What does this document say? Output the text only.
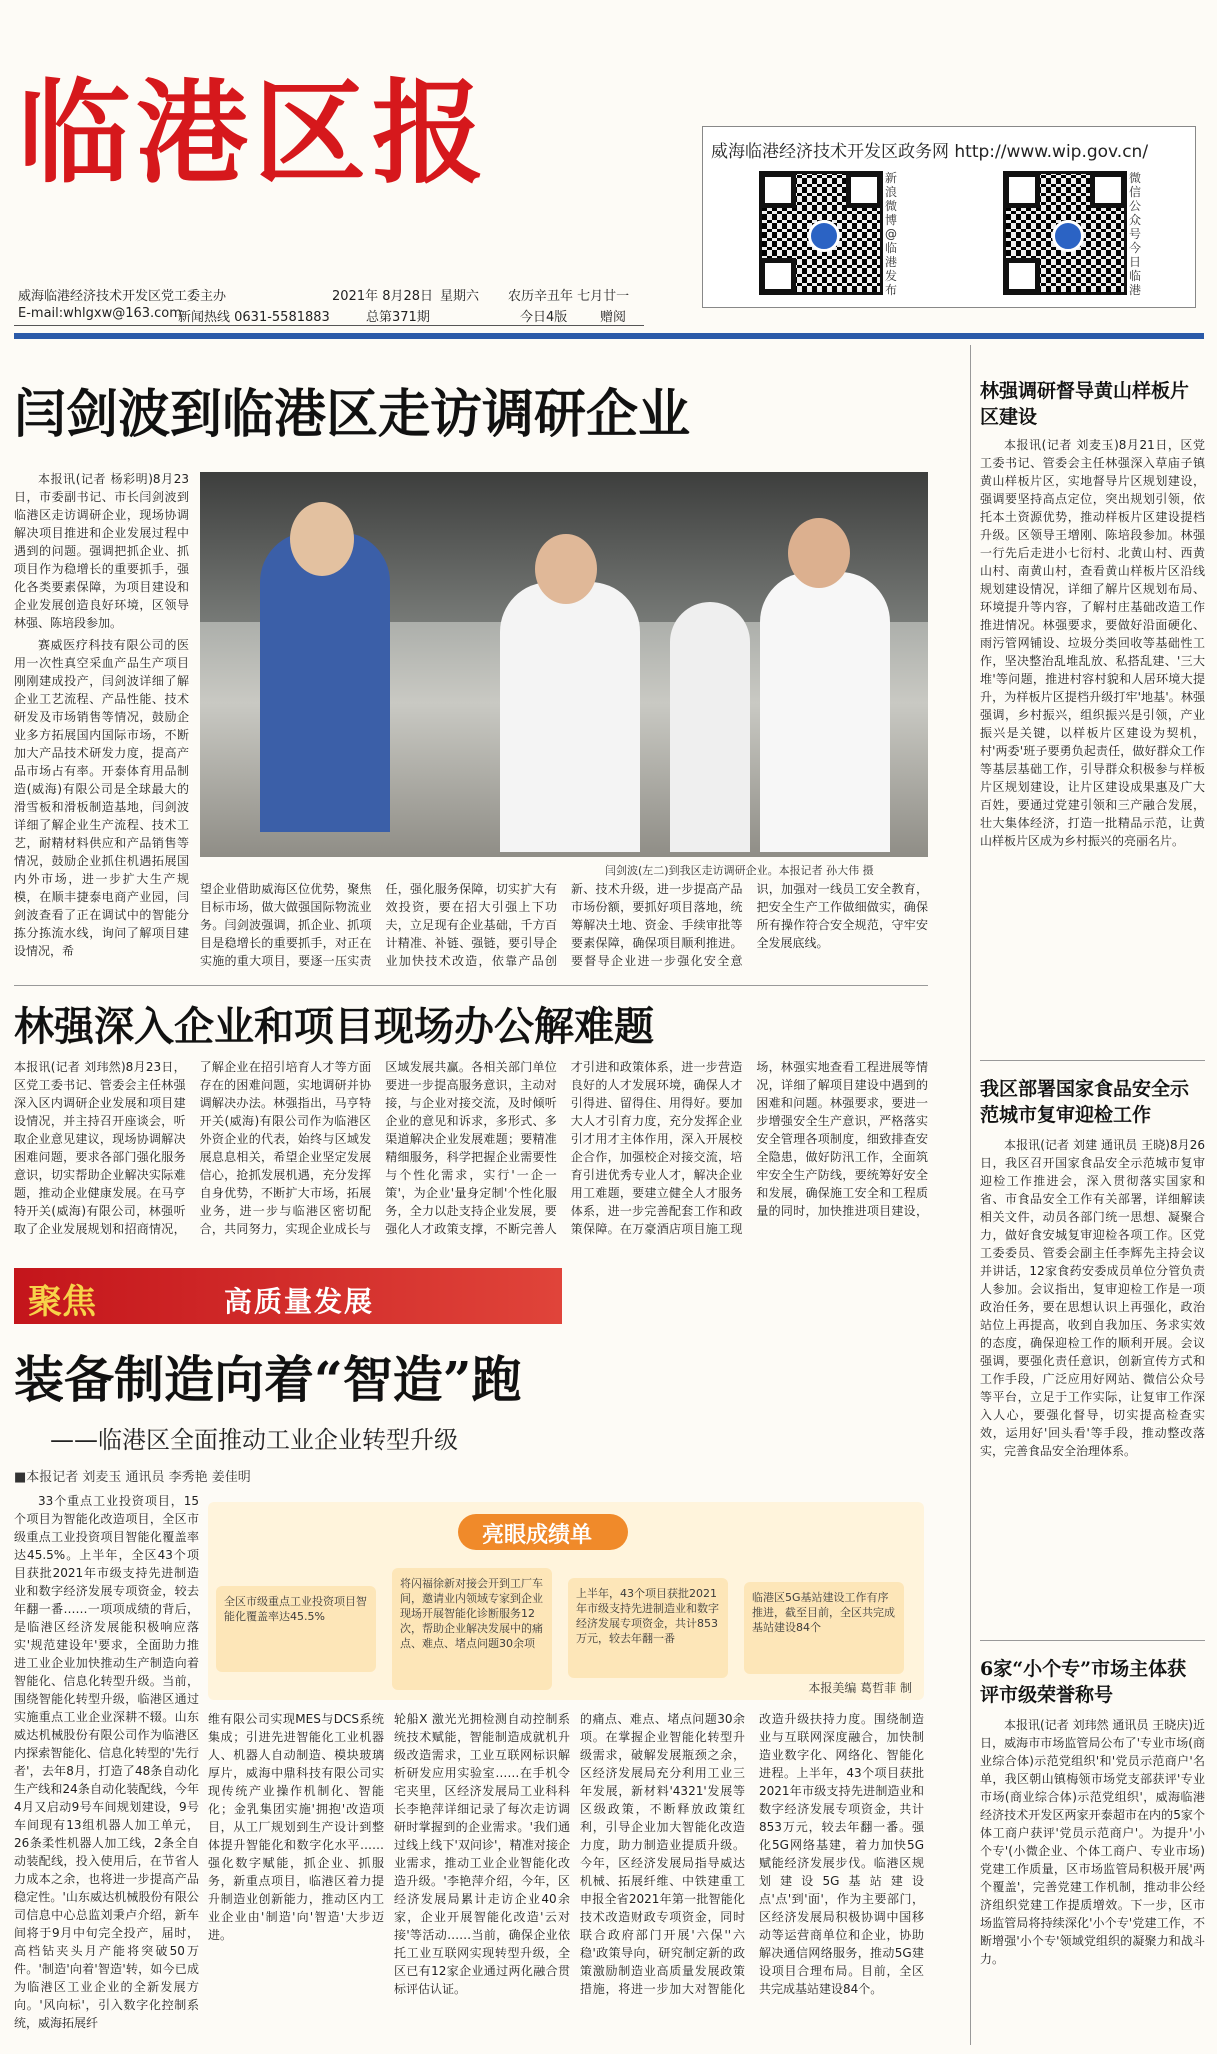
临港区报	威海临港经济技术开发区政务网 http://www.wip.gov.cn/
新浪微博@临港发布
微信公众号今日临港
威海临港经济技术开发区党工委主办
E-mail:whlgxw@163.com
新闻热线 0631-5581883
2021年 8月28日 星期六 农历辛丑年 七月廿一
总第371期	今日4版	赠阅
闫剑波到临港区走访调研企业

本报讯(记者 杨彩明)8月23日，市委副书记、市长闫剑波到临港区走访调研企业，现场协调解决项目推进和企业发展过程中遇到的问题。强调把抓企业、抓项目作为稳增长的重要抓手，强化各类要素保障，为项目建设和企业发展创造良好环境，区领导林强、陈培段参加。

赛威医疗科技有限公司的医用一次性真空采血产品生产项目刚刚建成投产，闫剑波详细了解企业工艺流程、产品性能、技术研发及市场销售等情况，鼓励企业多方拓展国内国际市场，不断加大产品技术研发力度，提高产品市场占有率。开泰体育用品制造(威海)有限公司是全球最大的滑雪板和滑板制造基地，闫剑波详细了解企业生产流程、技术工艺，耐精材料供应和产品销售等情况，鼓励企业抓住机遇拓展国内外市场，进一步扩大生产规模，在顺丰捷泰电商产业园，闫剑波查看了正在调试中的智能分拣分拣流水线，询问了解项目建设情况，希

闫剑波(左二)到我区走访调研企业。本报记者 孙大伟 摄
望企业借助威海区位优势，聚焦目标市场，做大做强国际物流业务。闫剑波强调，抓企业、抓项目是稳增长的重要抓手，对正在实施的重大项目，要逐一压实责任，强化服务保障，切实扩大有效投资，要在招大引强上下功夫，立足现有企业基础，千方百计精准、补链、强链，要引导企业加快技术改造，依靠产品创新、技术升级，进一步提高产品市场份额，要抓好项目落地，统筹解决土地、资金、手续审批等要素保障，确保项目顺利推进。要督导企业进一步强化安全意识，加强对一线员工安全教育，把安全生产工作做细做实，确保所有操作符合安全规范，守牢安全发展底线。
林强深入企业和项目现场办公解难题
本报讯(记者 刘玮然)8月23日，区党工委书记、管委会主任林强深入区内调研企业发展和项目建设情况，并主持召开座谈会，听取企业意见建议，现场协调解决困难问题，要求各部门强化服务意识，切实帮助企业解决实际难题，推动企业健康发展。在马亨特开关(威海)有限公司，林强听取了企业发展规划和招商情况，了解企业在招引培育人才等方面存在的困难问题，实地调研并协调解决办法。林强指出，马亨特开关(威海)有限公司作为临港区外资企业的代表，始终与区域发展息息相关，希望企业坚定发展信心，抢抓发展机遇，充分发挥自身优势，不断扩大市场，拓展业务，进一步与临港区密切配合，共同努力，实现企业成长与区域发展共赢。各相关部门单位要进一步提高服务意识，主动对接，与企业对接交流，及时倾听企业的意见和诉求，多形式、多渠道解决企业发展难题；要精准精细服务，科学把握企业需要性与个性化需求，实行'一企一策'，为企业'量身定制'个性化服务，全力以赴支持企业发展，要强化人才政策支撑，不断完善人才引进和政策体系，进一步营造良好的人才发展环境，确保人才引得进、留得住、用得好。要加大人才引育力度，充分发挥企业引才用才主体作用，深入开展校企合作，加强校企对接交流，培育引进优秀专业人才，解决企业用工难题，要建立健全人才服务体系，进一步完善配套工作和政策保障。在万豪酒店项目施工现场，林强实地查看工程进展等情况，详细了解项目建设中遇到的困难和问题。林强要求，要进一步增强安全生产意识，严格落实安全管理各项制度，细致排查安全隐患，做好防汛工作，全面筑牢安全生产防线，要统筹好安全和发展，确保施工安全和工程质量的同时，加快推进项目建设，
聚焦	高质量发展
装备制造向着“智造”跑
——临港区全面推动工业企业转型升级
■本报记者 刘麦玉 通讯员 李秀艳 姜佳明
33个重点工业投资项目，15个项目为智能化改造项目，全区市级重点工业投资项目智能化覆盖率达45.5%。上半年，全区43个项目获批2021年市级支持先进制造业和数字经济发展专项资金，较去年翻一番……一项项成绩的背后，是临港区经济发展能积极响应落实'规范建设年'要求，全面助力推进工业企业加快推动生产制造向着智能化、信息化转型升级。当前，围绕智能化转型升级，临港区通过实施重点工业企业深耕不辍。山东威达机械股份有限公司作为临港区内探索智能化、信息化转型的'先行者'，去年8月，打造了48条自动化生产线和24条自动化装配线，今年4月又启动9号车间规划建设，9号车间现有13组机器人加工单元，26条柔性机器人加工线，2条全自动装配线，投入使用后，在节省人力成本之余，也将进一步提高产品稳定性。'山东威达机械股份有限公司信息中心总监刘秉卢介绍，新车间将于9月中旬完全投产，届时，高档钻夹头月产能将突破50万件。'制造'向着'智造'转，如今已成为临港区工业企业的全新发展方向。'风向标'，引入数字化控制系统，威海拓展纤
亮眼成绩单
全区市级重点工业投资项目智能化覆盖率达45.5%
将闪福徐新对接会开到工厂车间，邀请业内领域专家到企业现场开展智能化诊断服务12次，帮助企业解决发展中的痛点、难点、堵点问题30余项
上半年，43个项目获批2021年市级支持先进制造业和数字经济发展专项资金，共计853万元，较去年翻一番
临港区5G基站建设工作有序推进，截至目前，全区共完成基站建设84个
本报美编 葛哲菲 制
维有限公司实现MES与DCS系统集成；引进先进智能化工业机器人、机器人自动制造、模块玻璃厚片，威海中鼎科技有限公司实现传统产业操作机制化、智能化；金乳集团实施'拥抱'改造项目，从工厂规划到生产设计到整体提升智能化和数字化水平……强化数字赋能，抓企业、抓服务，新重点项目，临港区着力提升制造业创新能力，推动区内工业企业由'制造'向'智造'大步迈进。
轮船X 激光光拥检测自动控制系统技术赋能，智能制造成就机升级改造需求，工业互联网标识解析研发应用实验室……在手机令宅夹里，区经济发展局工业科科长李艳萍详细记录了每次走访调研时掌握到的企业需求。'我们通过线上线下'双问诊'，精准对接企业需求，推动工业企业智能化改造升级。'李艳萍介绍，今年，区经济发展局累计走访企业40余家，企业开展智能化改造'云对接'等活动……当前，确保企业依托工业互联网实现转型升级，全区已有12家企业通过两化融合贯标评估认证。
的痛点、难点、堵点问题30余项。在掌握企业智能化转型升级需求，破解发展瓶颈之余，区经济发展局充分利用工业三年发展，新材料'4321'发展等区级政策，不断释放政策红利，引导企业加大智能化改造力度，助力制造业提质升级。今年，区经济发展局指导威达机械、拓展纤维、中铁建重工申报全省2021年第一批智能化技术改造财政专项资金，同时联合政府部门开展'六保''六稳'政策导向，研究制定新的政策激励制造业高质量发展政策措施，将进一步加大对智能化改造升级扶持力度。围绕制造业与互联网深度融合，加快制造业数字化、网络化、智能化进程。上半年，43个项目获批2021年市级支持先进制造业和数字经济发展专项资金，共计853万元，较去年翻一番。强化5G网络基建，着力加快5G赋能经济发展步伐。临港区规划建设5G基站建设点'点'到'面'，作为主要部门，区经济发展局积极协调中国移动等运营商单位和企业，协助解决通信网络服务，推动5G建设项目合理布局。目前，全区共完成基站建设84个。
林强调研督导黄山样板片区建设
本报讯(记者 刘麦玉)8月21日，区党工委书记、管委会主任林强深入草庙子镇黄山样板片区，实地督导片区规划建设，强调要坚持高点定位，突出规划引领，依托本土资源优势，推动样板片区建设提档升级。区领导王增刚、陈培段参加。林强一行先后走进小七衍村、北黄山村、西黄山村、南黄山村，查看黄山样板片区沿线规划建设情况，详细了解片区规划布局、环境提升等内容，了解村庄基础改造工作推进情况。林强要求，要做好沿面硬化、雨污管网铺设、垃圾分类回收等基础性工作，坚决整治乱堆乱放、私搭乱建、'三大堆'等问题，推进村容村貌和人居环境大提升，为样板片区提档升级打牢'地基'。林强强调，乡村振兴，组织振兴是引领，产业振兴是关键，以样板片区建设为契机，村'两委'班子要勇负起责任，做好群众工作等基层基础工作，引导群众积极参与样板片区规划建设，让片区建设成果惠及广大百姓，要通过党建引领和三产融合发展，壮大集体经济，打造一批精品示范，让黄山样板片区成为乡村振兴的亮丽名片。
我区部署国家食品安全示范城市复审迎检工作
本报讯(记者 刘建 通讯员 王晓)8月26日，我区召开国家食品安全示范城市复审迎检工作推进会，深入贯彻落实国家和省、市食品安全工作有关部署，详细解读相关文件，动员各部门统一思想、凝聚合力，做好食安城复审迎检各项工作。区党工委委员、管委会副主任李辉先主持会议并讲话，12家食药安委成员单位分管负责人参加。会议指出，复审迎检工作是一项政治任务，要在思想认识上再强化，政治站位上再提高，收到自我加压、务求实效的态度，确保迎检工作的顺利开展。会议强调，要强化责任意识，创新宣传方式和工作手段，广泛应用好网站、微信公众号等平台，立足于工作实际，让复审工作深入人心，要强化督导，切实提高检查实效，运用好'回头看'等手段，推动整改落实，完善食品安全治理体系。
6家“小个专”市场主体获评市级荣誉称号
本报讯(记者 刘玮然 通讯员 王晓庆)近日，威海市市场监管局公布了'专业市场(商业综合体)示范党组织'和'党员示范商户'名单，我区朝山镇梅领市场党支部获评'专业市场(商业综合体)示范党组织'，威海临港经济技术开发区两家开泰超市在内的5家个体工商户获评'党员示范商户'。为提升'小个专'(小微企业、个体工商户、专业市场)党建工作质量，区市场监管局积极开展'两个覆盖'，完善党建工作机制，推动非公经济组织党建工作提质增效。下一步，区市场监管局将持续深化'小个专'党建工作，不断增强'小个专'领域党组织的凝聚力和战斗力。
